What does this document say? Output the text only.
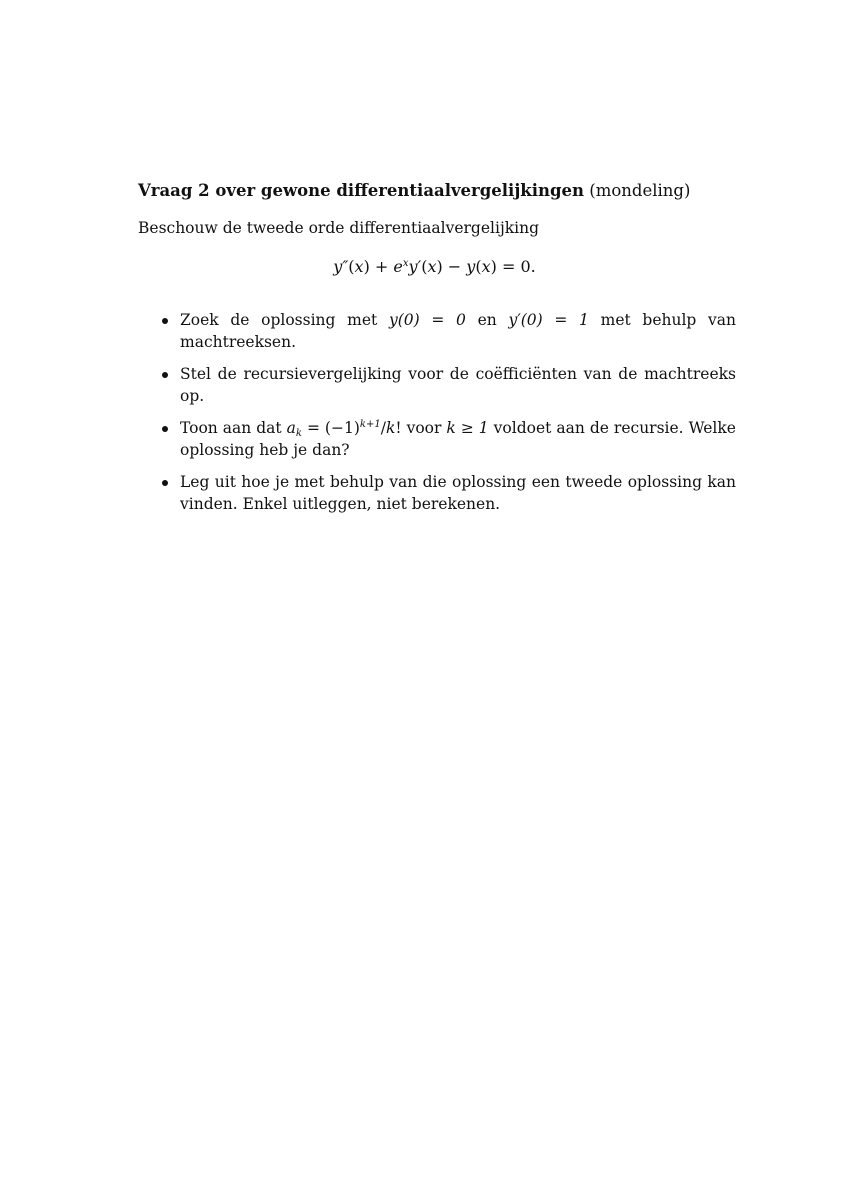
Vraag 2 over gewone differentiaalvergelijkingen (mondeling)
Beschouw de tweede orde differentiaalvergelijking
$y''(x) + e^xy'(x) - y(x) = 0$.
Zoek de oplossing met y(0) = 0 en y′(0) = 1 met behulp van machtreeksen.
Stel de recursievergelijking voor de coëfficiënten van de machtreeks op.
Toon aan dat $a_k = (-1)^{k+1}/k$! voor k ≥ 1 voldoet aan de recursie. Welke oplossing heb je dan?
Leg uit hoe je met behulp van die oplossing een tweede oplossing kan vinden. Enkel uitleggen, niet berekenen.
